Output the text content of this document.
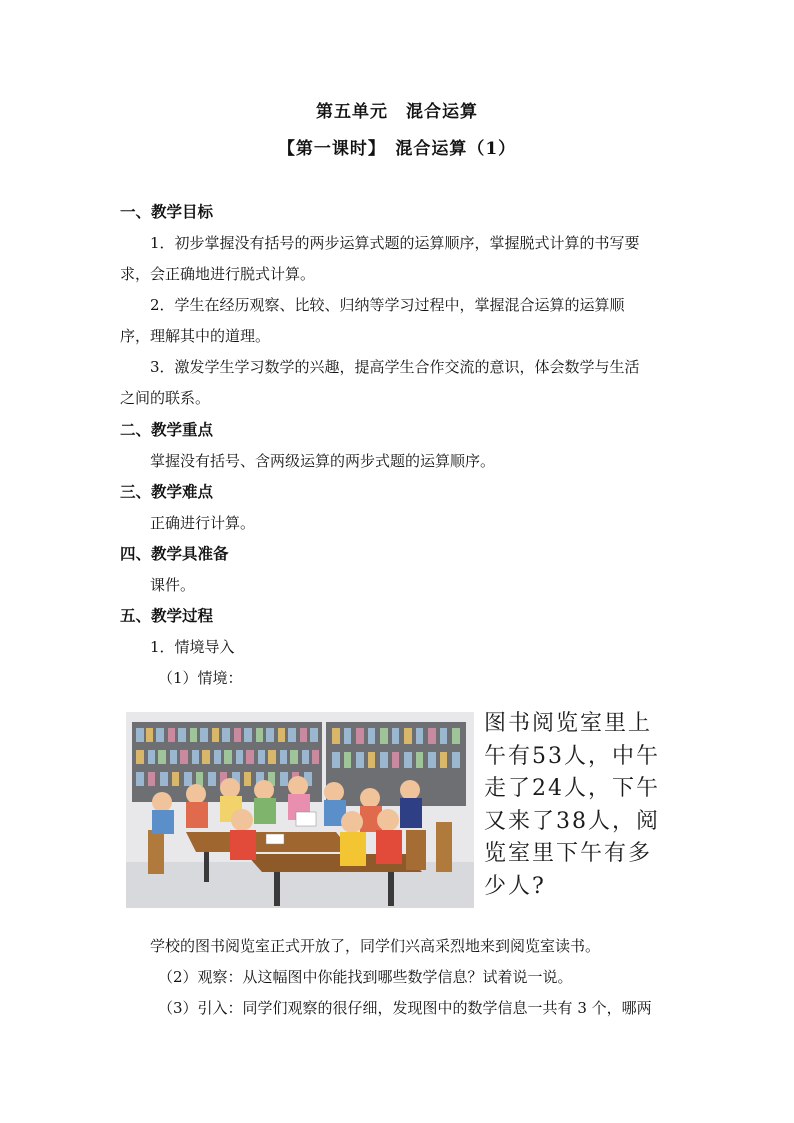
第五单元　混合运算
【第一课时】　混合运算（1）
一、教学目标
1．初步掌握没有括号的两步运算式题的运算顺序，掌握脱式计算的书写要
求，会正确地进行脱式计算。
2．学生在经历观察、比较、归纳等学习过程中，掌握混合运算的运算顺
序，理解其中的道理。
3．激发学生学习数学的兴趣，提高学生合作交流的意识，体会数学与生活
之间的联系。
二、教学重点
掌握没有括号、含两级运算的两步式题的运算顺序。
三、教学难点
正确进行计算。
四、教学具准备
课件。
五、教学过程
1．情境导入
（1）情境：
图书阅览室里上
午有53人，中午
走了24人，下午
又来了38人，阅
览室里下午有多
少人?
学校的图书阅览室正式开放了，同学们兴高采烈地来到阅览室读书。
（2）观察：从这幅图中你能找到哪些数学信息？试着说一说。
（3）引入：同学们观察的很仔细，发现图中的数学信息一共有 3 个，哪两
